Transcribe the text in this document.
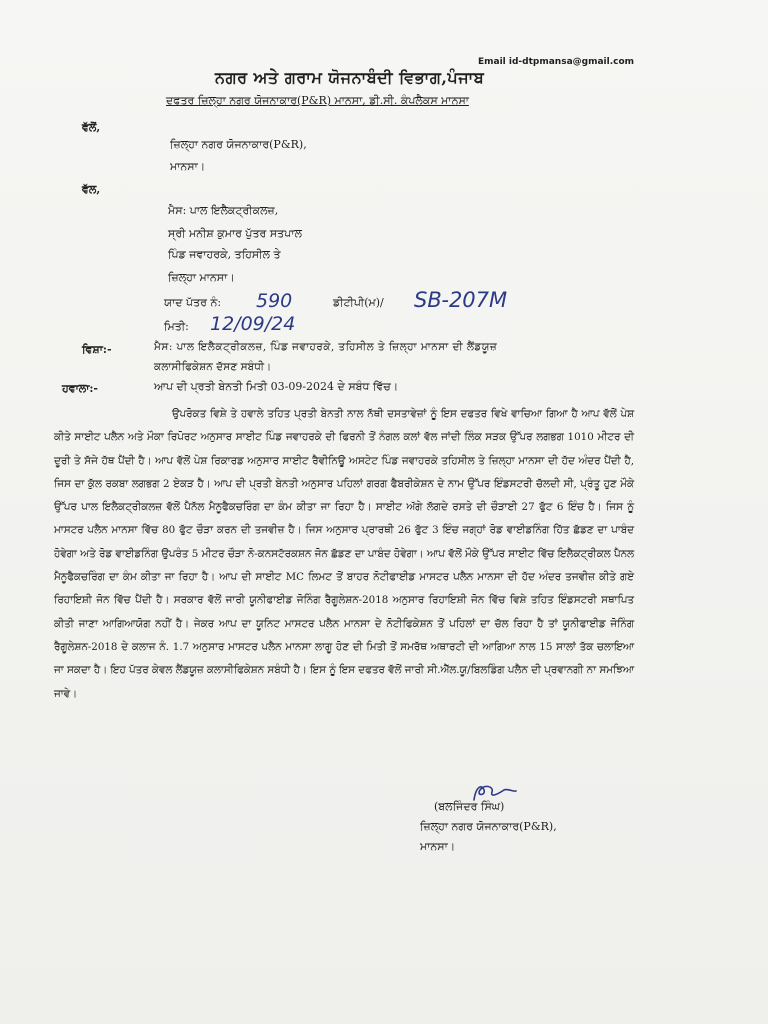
Email id-dtpmansa@gmail.com
ਨਗਰ ਅਤੇ ਗਰਾਮ ਯੋਜਨਾਬੰਦੀ ਵਿਭਾਗ,ਪੰਜਾਬ
ਦਫਤਰ ਜ਼ਿਲ੍ਹਾ ਨਗਰ ਯੋਜਨਾਕਾਰ(P&R) ਮਾਨਸਾ, ਡੀ.ਸੀ. ਕੰਪਲੈਕਸ ਮਾਨਸਾ
ਵੱਲੋਂ,
ਜ਼ਿਲ੍ਹਾ ਨਗਰ ਯੋਜਨਾਕਾਰ(P&R),
ਮਾਨਸਾ।
ਵੱਲ,
ਮੈਸ: ਪਾਲ ਇਲੈਕਟ੍ਰੀਕਲਜ਼,
ਸ੍ਰੀ ਮਨੀਸ਼ ਕੁਮਾਰ ਪੁੱਤਰ ਸਤਪਾਲ
ਪਿੰਡ ਜਵਾਹਰਕੇ, ਤਹਿਸੀਲ ਤੇ
ਜ਼ਿਲ੍ਹਾ ਮਾਨਸਾ।
ਯਾਦ ਪੱਤਰ ਨੰ: 590	ਡੀਟੀਪੀ(ਮ)/ SB-207M
ਮਿਤੀ: 12/09/24
ਵਿਸ਼ਾ:-	ਮੈਸ: ਪਾਲ ਇਲੈਕਟ੍ਰੀਕਲਜ਼, ਪਿੰਡ ਜਵਾਹਰਕੇ, ਤਹਿਸੀਲ ਤੇ ਜ਼ਿਲ੍ਹਾ ਮਾਨਸਾ ਦੀ ਲੈਂਡਯੂਜ਼
ਕਲਾਸੀਫਿਕੇਸ਼ਨ ਦੱਸਣ ਸਬੰਧੀ।
ਹਵਾਲਾ:-	ਆਪ ਦੀ ਪ੍ਰਤੀ ਬੇਨਤੀ ਮਿਤੀ 03-09-2024 ਦੇ ਸਬੰਧ ਵਿੱਚ।
ਉਪਰੋਕਤ ਵਿਸ਼ੇ ਤੇ ਹਵਾਲੇ ਤਹਿਤ ਪ੍ਰਤੀ ਬੇਨਤੀ ਨਾਲ ਨੱਥੀ ਦਸਤਾਵੇਜ਼ਾਂ ਨੂੰ ਇਸ ਦਫਤਰ ਵਿਖੇ ਵਾਚਿਆ ਗਿਆ ਹੈ ਆਪ ਵੱਲੋਂ ਪੇਸ਼ ਕੀਤੇ ਸਾਈਟ ਪਲੈਨ ਅਤੇ ਮੌਕਾ ਰਿਪੋਰਟ ਅਨੁਸਾਰ ਸਾਈਟ ਪਿੰਡ ਜਵਾਹਰਕੇ ਦੀ ਫਿਰਨੀ ਤੋਂ ਨੰਗਲ ਕਲਾਂ ਵੱਲ ਜਾਂਦੀ ਲਿੰਕ ਸੜਕ ਉੱਪਰ ਲਗਭਗ 1010 ਮੀਟਰ ਦੀ ਦੂਰੀ ਤੇ ਸੱਜੇ ਹੱਥ ਪੈਂਦੀ ਹੈ। ਆਪ ਵੱਲੋਂ ਪੇਸ਼ ਰਿਕਾਰਡ ਅਨੁਸਾਰ ਸਾਈਟ ਰੈਵੀਨਿਊ ਅਸਟੇਟ ਪਿੰਡ ਜਵਾਹਰਕੇ ਤਹਿਸੀਲ ਤੇ ਜ਼ਿਲ੍ਹਾ ਮਾਨਸਾ ਦੀ ਹੱਦ ਅੰਦਰ ਪੈਂਦੀ ਹੈ, ਜਿਸ ਦਾ ਕੁੱਲ ਰਕਬਾ ਲਗਭਗ 2 ਏਕੜ ਹੈ। ਆਪ ਦੀ ਪ੍ਰਤੀ ਬੇਨਤੀ ਅਨੁਸਾਰ ਪਹਿਲਾਂ ਗਰਗ ਫੈਬਰੀਕੇਸ਼ਨ ਦੇ ਨਾਮ ਉੱਪਰ ਇੰਡਸਟਰੀ ਚੱਲਦੀ ਸੀ, ਪ੍ਰੰਤੂ ਹੁਣ ਮੌਕੇ ਉੱਪਰ ਪਾਲ ਇਲੈਕਟ੍ਰੀਕਲਜ਼ ਵੱਲੋਂ ਪੈਨੱਲ ਮੈਨੂਫੈਕਚਰਿੰਗ ਦਾ ਕੰਮ ਕੀਤਾ ਜਾ ਰਿਹਾ ਹੈ। ਸਾਈਟ ਅੱਗੇ ਲੱਗਦੇ ਰਸਤੇ ਦੀ ਚੌੜਾਈ 27 ਫੁੱਟ 6 ਇੰਚ ਹੈ। ਜਿਸ ਨੂੰ ਮਾਸਟਰ ਪਲੈਨ ਮਾਨਸਾ ਵਿੱਚ 80 ਫੁੱਟ ਚੌੜਾ ਕਰਨ ਦੀ ਤਜਵੀਜ਼ ਹੈ। ਜਿਸ ਅਨੁਸਾਰ ਪ੍ਰਾਰਥੀ 26 ਫੁੱਟ 3 ਇੰਚ ਜਗ੍ਹਾਂ ਰੋਡ ਵਾਈਡਨਿੰਗ ਹਿੱਤ ਛੱਡਣ ਦਾ ਪਾਬੰਦ ਹੋਵੇਗਾ ਅਤੇ ਰੋਡ ਵਾਈਡਨਿੰਗ ਉਪਰੰਤ 5 ਮੀਟਰ ਚੌੜਾ ਨੋ-ਕਨਸਟੱਰਕਸ਼ਨ ਜੋਨ ਛੱਡਣ ਦਾ ਪਾਬੰਦ ਹੋਵੇਗਾ। ਆਪ ਵੱਲੋਂ ਮੌਕੇ ਉੱਪਰ ਸਾਈਟ ਵਿੱਚ ਇਲੈਕਟ੍ਰੀਕਲ ਪੈਨਲ ਮੈਨੂਫੈਕਚਰਿੰਗ ਦਾ ਕੰਮ ਕੀਤਾ ਜਾ ਰਿਹਾ ਹੈ। ਆਪ ਦੀ ਸਾਈਟ MC ਲਿਮਟ ਤੋਂ ਬਾਹਰ ਨੋਟੀਫਾਈਡ ਮਾਸਟਰ ਪਲੈਨ ਮਾਨਸਾ ਦੀ ਹੱਦ ਅੰਦਰ ਤਜਵੀਜ਼ ਕੀਤੇ ਗਏ ਰਿਹਾਇਸ਼ੀ ਜੋਨ ਵਿੱਚ ਪੈਂਦੀ ਹੈ। ਸਰਕਾਰ ਵੱਲੋਂ ਜਾਰੀ ਯੂਨੀਫਾਈਡ ਜੋਨਿੰਗ ਰੈਗੂਲੇਸ਼ਨ-2018 ਅਨੁਸਾਰ ਰਿਹਾਇਸ਼ੀ ਜੋਨ ਵਿੱਚ ਵਿਸ਼ੇ ਤਹਿਤ ਇੰਡਸਟਰੀ ਸਥਾਪਿਤ ਕੀਤੀ ਜਾਣਾ ਆਗਿਆਯੋਗ ਨਹੀਂ ਹੈ। ਜੇਕਰ ਆਪ ਦਾ ਯੂਨਿਟ ਮਾਸਟਰ ਪਲੈਨ ਮਾਨਸਾ ਦੇ ਨੋਟੀਫਿਕੇਸ਼ਨ ਤੋਂ ਪਹਿਲਾਂ ਦਾ ਚੱਲ ਰਿਹਾ ਹੈ ਤਾਂ ਯੂਨੀਫਾਈਡ ਜੋਨਿੰਗ ਰੈਗੂਲੇਸ਼ਨ-2018 ਦੇ ਕਲਾਜ ਨੰ. 1.7 ਅਨੁਸਾਰ ਮਾਸਟਰ ਪਲੈਨ ਮਾਨਸਾ ਲਾਗੂ ਹੋਣ ਦੀ ਮਿਤੀ ਤੋਂ ਸਮਰੱਥ ਅਥਾਰਟੀ ਦੀ ਆਗਿਆ ਨਾਲ 15 ਸਾਲਾਂ ਤੱਕ ਚਲਾਇਆ ਜਾ ਸਕਦਾ ਹੈ। ਇਹ ਪੱਤਰ ਕੇਵਲ ਲੈਂਡਯੂਜ਼ ਕਲਾਸੀਫਿਕੇਸ਼ਨ ਸਬੰਧੀ ਹੈ। ਇਸ ਨੂੰ ਇਸ ਦਫਤਰ ਵੱਲੋਂ ਜਾਰੀ ਸੀ.ਐੱਲ.ਯੂ/ਬਿਲਡਿੰਗ ਪਲੈਨ ਦੀ ਪ੍ਰਵਾਨਗੀ ਨਾ ਸਮਝਿਆ ਜਾਵੇ।
(ਬਲਜਿੰਦਰ ਸਿੰਘ)
ਜ਼ਿਲ੍ਹਾ ਨਗਰ ਯੋਜਨਾਕਾਰ(P&R),
ਮਾਨਸਾ।
